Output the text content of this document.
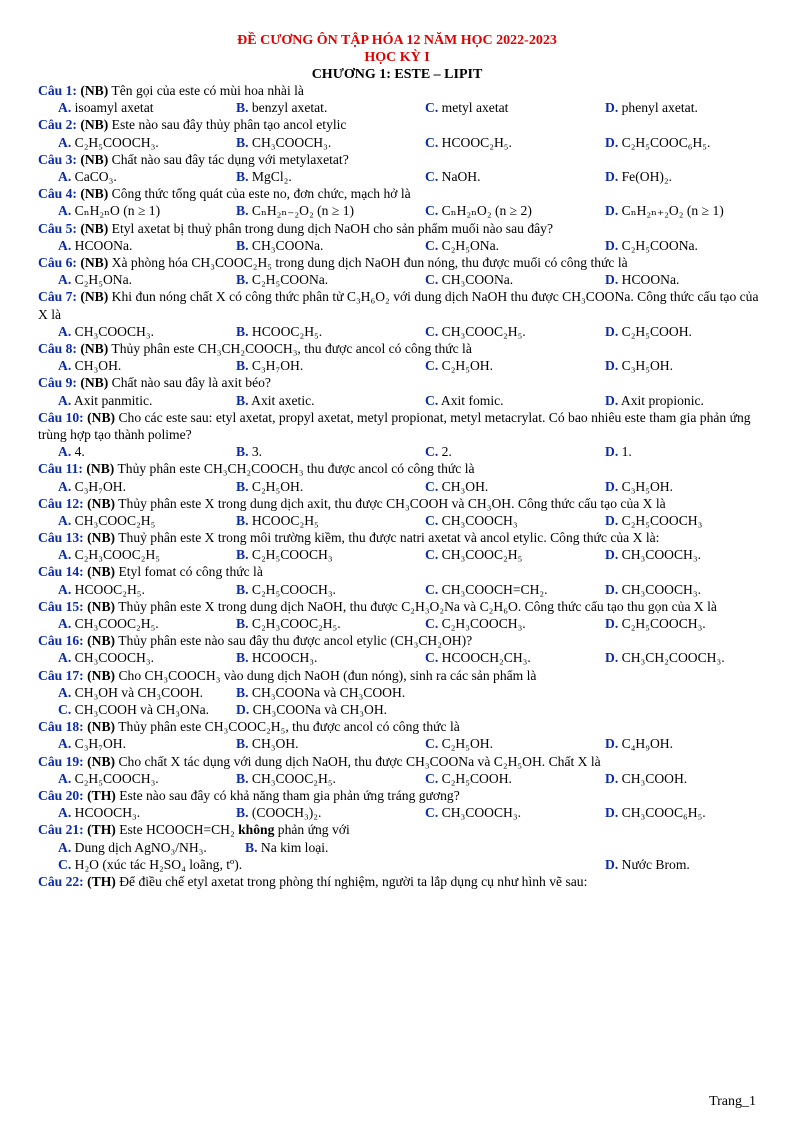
ĐỀ CƯƠNG ÔN TẬP HÓA 12 NĂM HỌC 2022-2023
HỌC KỲ I
CHƯƠNG 1: ESTE – LIPIT
Câu 1: (NB) Tên gọi của este có mùi hoa nhài là
A. isoamyl axetat	B. benzyl axetat.	C. metyl axetat	D. phenyl axetat.
Câu 2: (NB) Este nào sau đây thủy phân tạo ancol etylic
A. C₂H₅COOCH₃.	B. CH₃COOCH₃.	C. HCOOC₂H₅.	D. C₂H₅COOC₆H₅.
Câu 3: (NB) Chất nào sau đây tác dụng với metylaxetat?
A. CaCO₃.	B. MgCl₂.	C. NaOH.	D. Fe(OH)₂.
Câu 4: (NB) Công thức tổng quát của este no, đơn chức, mạch hở là
A. CₙH₂ₙO (n ≥ 1)	B. CₙH₂ₙ₋₂O₂ (n ≥ 1)	C. CₙH₂ₙO₂ (n ≥ 2)	D. CₙH₂ₙ₊₂O₂ (n ≥ 1)
Câu 5: (NB) Etyl axetat bị thuỷ phân trong dung dịch NaOH cho sản phẩm muối nào sau đây?
A. HCOONa.	B. CH₃COONa.	C. C₂H₅ONa.	D. C₂H₅COONa.
Câu 6: (NB) Xà phòng hóa CH₃COOC₂H₅ trong dung dịch NaOH đun nóng, thu được muối có công thức là
A. C₂H₅ONa.	B. C₂H₅COONa.	C. CH₃COONa.	D. HCOONa.
Câu 7: (NB) Khi đun nóng chất X có công thức phân tử C₃H₆O₂ với dung dịch NaOH thu được CH₃COONa. Công thức cấu tạo của X là
A. CH₃COOCH₃.	B. HCOOC₂H₅.	C. CH₃COOC₂H₅.	D. C₂H₅COOH.
Câu 8: (NB) Thủy phân este CH₃CH₂COOCH₃, thu được ancol có công thức là
A. CH₃OH.	B. C₃H₇OH.	C. C₂H₅OH.	D. C₃H₅OH.
Câu 9: (NB) Chất nào sau đây là axit béo?
A. Axit panmitic.	B. Axit axetic.	C. Axit fomic.	D. Axit propionic.
Câu 10: (NB) Cho các este sau: etyl axetat, propyl axetat, metyl propionat, metyl metacrylat. Có bao nhiêu este tham gia phản ứng trùng hợp tạo thành polime?
A. 4.	B. 3.	C. 2.	D. 1.
Câu 11: (NB) Thủy phân este CH₃CH₂COOCH₃ thu được ancol có công thức là
A. C₃H₇OH.	B. C₂H₅OH.	C. CH₃OH.	D. C₃H₅OH.
Câu 12: (NB) Thủy phân este X trong dung dịch axit, thu được CH₃COOH và CH₃OH. Công thức cấu tạo của X là
A. CH₃COOC₂H₅	B. HCOOC₂H₅	C. CH₃COOCH₃	D. C₂H₅COOCH₃
Câu 13: (NB) Thuỷ phân este X trong môi trường kiềm, thu được natri axetat và ancol etylic. Công thức của X là:
A. C₂H₃COOC₂H₅	B. C₂H₅COOCH₃	C. CH₃COOC₂H₅	D. CH₃COOCH₃.
Câu 14: (NB) Etyl fomat có công thức là
A. HCOOC₂H₅.	B. C₂H₅COOCH₃.	C. CH₃COOCH=CH₂.	D. CH₃COOCH₃.
Câu 15: (NB) Thủy phân este X trong dung dịch NaOH, thu được C₂H₃O₂Na và C₂H₆O. Công thức cấu tạo thu gọn của X là
A. CH₃COOC₂H₅.	B. C₂H₃COOC₂H₅.	C. C₂H₃COOCH₃.	D. C₂H₅COOCH₃.
Câu 16: (NB) Thủy phân este nào sau đây thu được ancol etylic (CH₃CH₂OH)?
A. CH₃COOCH₃.	B. HCOOCH₃.	C. HCOOCH₂CH₃.	D. CH₃CH₂COOCH₃.
Câu 17: (NB) Cho CH₃COOCH₃ vào dung dịch NaOH (đun nóng), sinh ra các sản phẩm là
A. CH₃OH và CH₃COOH. B. CH₃COONa và CH₃COOH.
C. CH₃COOH và CH₃ONa. D. CH₃COONa và CH₃OH.
Câu 18: (NB) Thủy phân este CH₃COOC₂H₅, thu được ancol có công thức là
A. C₃H₇OH.	B. CH₃OH.	C. C₂H₅OH.	D. C₄H₉OH.
Câu 19: (NB) Cho chất X tác dụng với dung dịch NaOH, thu được CH₃COONa và C₂H₅OH. Chất X là
A. C₂H₅COOCH₃.	B. CH₃COOC₂H₅.	C. C₂H₅COOH.	D. CH₃COOH.
Câu 20: (TH) Este nào sau đây có khả năng tham gia phản ứng tráng gương?
A. HCOOCH₃.	B. (COOCH₃)₂.	C. CH₃COOCH₃.	D. CH₃COOC₆H₅.
Câu 21: (TH) Este HCOOCH=CH₂ không phản ứng với
A. Dung dịch AgNO₃/NH₃.	B. Na kim loại.
C. H₂O (xúc tác H₂SO₄ loãng, tº).	D. Nước Brom.
Câu 22: (TH) Để điều chế etyl axetat trong phòng thí nghiệm, người ta lắp dụng cụ như hình vẽ sau:
Trang_1
